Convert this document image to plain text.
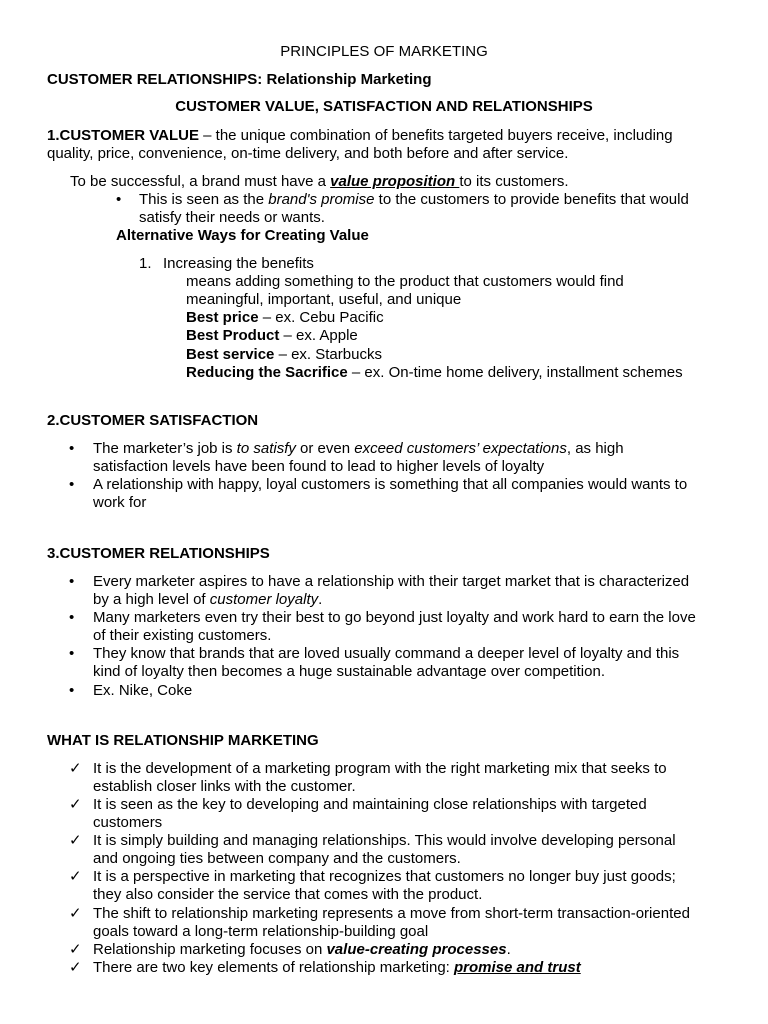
PRINCIPLES OF MARKETING
CUSTOMER RELATIONSHIPS: Relationship Marketing
CUSTOMER VALUE, SATISFACTION AND RELATIONSHIPS
1.CUSTOMER VALUE – the unique combination of benefits targeted buyers receive, including
quality, price, convenience, on-time delivery, and both before and after service.
To be successful, a brand must have a value proposition to its customers.
• This is seen as the brand's promise to the customers to provide benefits that would
satisfy their needs or wants.
Alternative Ways for Creating Value
1. Increasing the benefits
means adding something to the product that customers would find
meaningful, important, useful, and unique
Best price – ex. Cebu Pacific
Best Product – ex. Apple
Best service – ex. Starbucks
Reducing the Sacrifice – ex. On-time home delivery, installment schemes
2.CUSTOMER SATISFACTION
• The marketer’s job is to satisfy or even exceed customers’ expectations, as high
satisfaction levels have been found to lead to higher levels of loyalty
• A relationship with happy, loyal customers is something that all companies would wants to
work for
3.CUSTOMER RELATIONSHIPS
• Every marketer aspires to have a relationship with their target market that is characterized
by a high level of customer loyalty.
• Many marketers even try their best to go beyond just loyalty and work hard to earn the love
of their existing customers.
• They know that brands that are loved usually command a deeper level of loyalty and this
kind of loyalty then becomes a huge sustainable advantage over competition.
• Ex. Nike, Coke
WHAT IS RELATIONSHIP MARKETING
✓ It is the development of a marketing program with the right marketing mix that seeks to
establish closer links with the customer.
✓ It is seen as the key to developing and maintaining close relationships with targeted
customers
✓ It is simply building and managing relationships. This would involve developing personal
and ongoing ties between company and the customers.
✓ It is a perspective in marketing that recognizes that customers no longer buy just goods;
they also consider the service that comes with the product.
✓ The shift to relationship marketing represents a move from short-term transaction-oriented
goals toward a long-term relationship-building goal
✓ Relationship marketing focuses on value-creating processes.
✓ There are two key elements of relationship marketing: promise and trust
